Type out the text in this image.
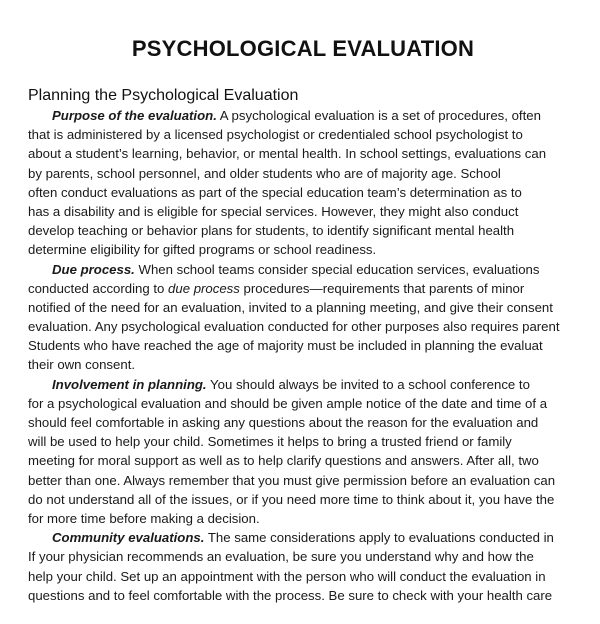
PSYCHOLOGICAL EVALUATION
Planning the Psychological Evaluation
Purpose of the evaluation. A psychological evaluation is a set of procedures, often
that is administered by a licensed psychologist or credentialed school psychologist to
about a student’s learning, behavior, or mental health. In school settings, evaluations can
by parents, school personnel, and older students who are of majority age. School
often conduct evaluations as part of the special education team’s determination as to
has a disability and is eligible for special services. However, they might also conduct
develop teaching or behavior plans for students, to identify significant mental health
determine eligibility for gifted programs or school readiness.
Due process. When school teams consider special education services, evaluations
conducted according to due process procedures—requirements that parents of minor
notified of the need for an evaluation, invited to a planning meeting, and give their consent
evaluation. Any psychological evaluation conducted for other purposes also requires parent
Students who have reached the age of majority must be included in planning the evaluat
their own consent.
Involvement in planning. You should always be invited to a school conference to
for a psychological evaluation and should be given ample notice of the date and time of a
should feel comfortable in asking any questions about the reason for the evaluation and
will be used to help your child. Sometimes it helps to bring a trusted friend or family
meeting for moral support as well as to help clarify questions and answers. After all, two
better than one. Always remember that you must give permission before an evaluation can
do not understand all of the issues, or if you need more time to think about it, you have the
for more time before making a decision.
Community evaluations. The same considerations apply to evaluations conducted in
If your physician recommends an evaluation, be sure you understand why and how the
help your child. Set up an appointment with the person who will conduct the evaluation in
questions and to feel comfortable with the process. Be sure to check with your health care
